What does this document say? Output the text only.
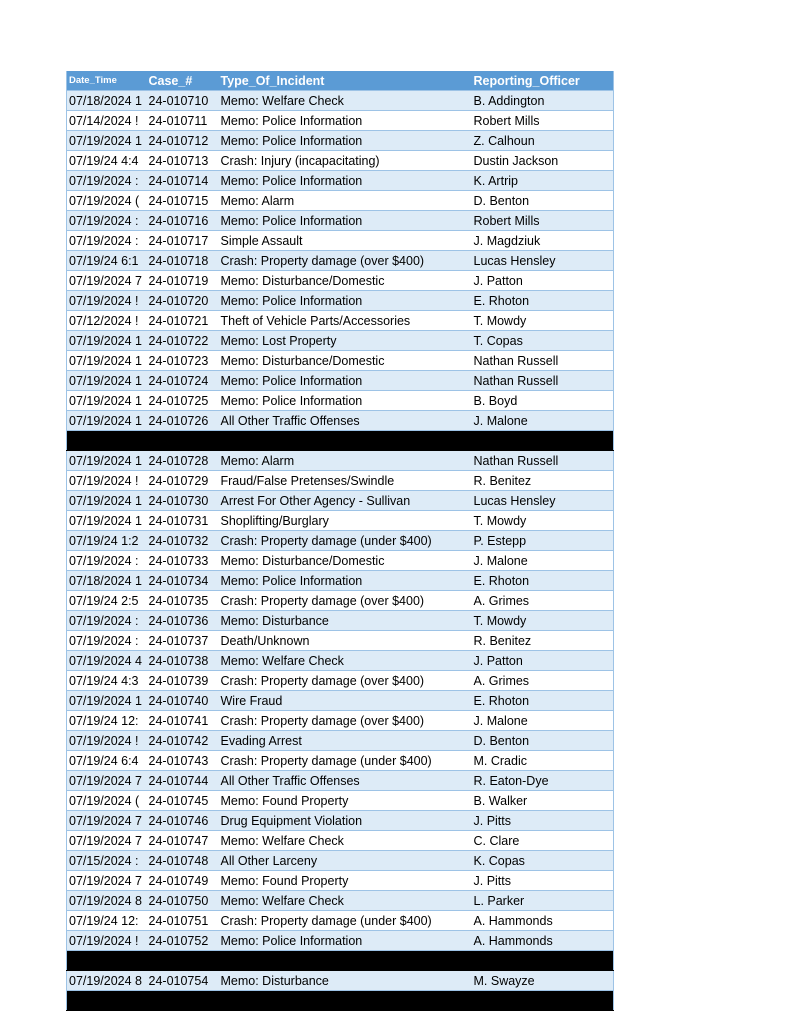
Date_Time	Case_#	Type_Of_Incident	Reporting_Officer
07/18/2024 1	24-010710	Memo: Welfare Check	B. Addington
07/14/2024 !	24-010711	Memo: Police Information	Robert Mills
07/19/2024 1	24-010712	Memo: Police Information	Z. Calhoun
07/19/24 4:4	24-010713	Crash: Injury (incapacitating)	Dustin Jackson
07/19/2024 :	24-010714	Memo: Police Information	K. Artrip
07/19/2024 (	24-010715	Memo: Alarm	D. Benton
07/19/2024 :	24-010716	Memo: Police Information	Robert Mills
07/19/2024 :	24-010717	Simple Assault	J. Magdziuk
07/19/24 6:1	24-010718	Crash: Property damage (over $400)	Lucas Hensley
07/19/2024 7	24-010719	Memo: Disturbance/Domestic	J. Patton
07/19/2024 !	24-010720	Memo: Police Information	E. Rhoton
07/12/2024 !	24-010721	Theft of Vehicle Parts/Accessories	T. Mowdy
07/19/2024 1	24-010722	Memo: Lost Property	T. Copas
07/19/2024 1	24-010723	Memo: Disturbance/Domestic	Nathan Russell
07/19/2024 1	24-010724	Memo: Police Information	Nathan Russell
07/19/2024 1	24-010725	Memo: Police Information	B. Boyd
07/19/2024 1	24-010726	All Other Traffic Offenses	J. Malone

07/19/2024 1	24-010728	Memo: Alarm	Nathan Russell
07/19/2024 !	24-010729	Fraud/False Pretenses/Swindle	R. Benitez
07/19/2024 1	24-010730	Arrest For Other Agency - Sullivan	Lucas Hensley
07/19/2024 1	24-010731	Shoplifting/Burglary	T. Mowdy
07/19/24 1:2	24-010732	Crash: Property damage (under $400)	P. Estepp
07/19/2024 :	24-010733	Memo: Disturbance/Domestic	J. Malone
07/18/2024 1	24-010734	Memo: Police Information	E. Rhoton
07/19/24 2:5	24-010735	Crash: Property damage (over $400)	A. Grimes
07/19/2024 :	24-010736	Memo: Disturbance	T. Mowdy
07/19/2024 :	24-010737	Death/Unknown	R. Benitez
07/19/2024 4	24-010738	Memo: Welfare Check	J. Patton
07/19/24 4:3	24-010739	Crash: Property damage (over $400)	A. Grimes
07/19/2024 1	24-010740	Wire Fraud	E. Rhoton
07/19/24 12:	24-010741	Crash: Property damage (over $400)	J. Malone
07/19/2024 !	24-010742	Evading Arrest	D. Benton
07/19/24 6:4	24-010743	Crash: Property damage (under $400)	M. Cradic
07/19/2024 7	24-010744	All Other Traffic Offenses	R. Eaton-Dye
07/19/2024 (	24-010745	Memo: Found Property	B. Walker
07/19/2024 7	24-010746	Drug Equipment Violation	J. Pitts
07/19/2024 7	24-010747	Memo: Welfare Check	C. Clare
07/15/2024 :	24-010748	All Other Larceny	K. Copas
07/19/2024 7	24-010749	Memo: Found Property	J. Pitts
07/19/2024 8	24-010750	Memo: Welfare Check	L. Parker
07/19/24 12:	24-010751	Crash: Property damage (under $400)	A. Hammonds
07/19/2024 !	24-010752	Memo: Police Information	A. Hammonds

07/19/2024 8	24-010754	Memo: Disturbance	M. Swayze
